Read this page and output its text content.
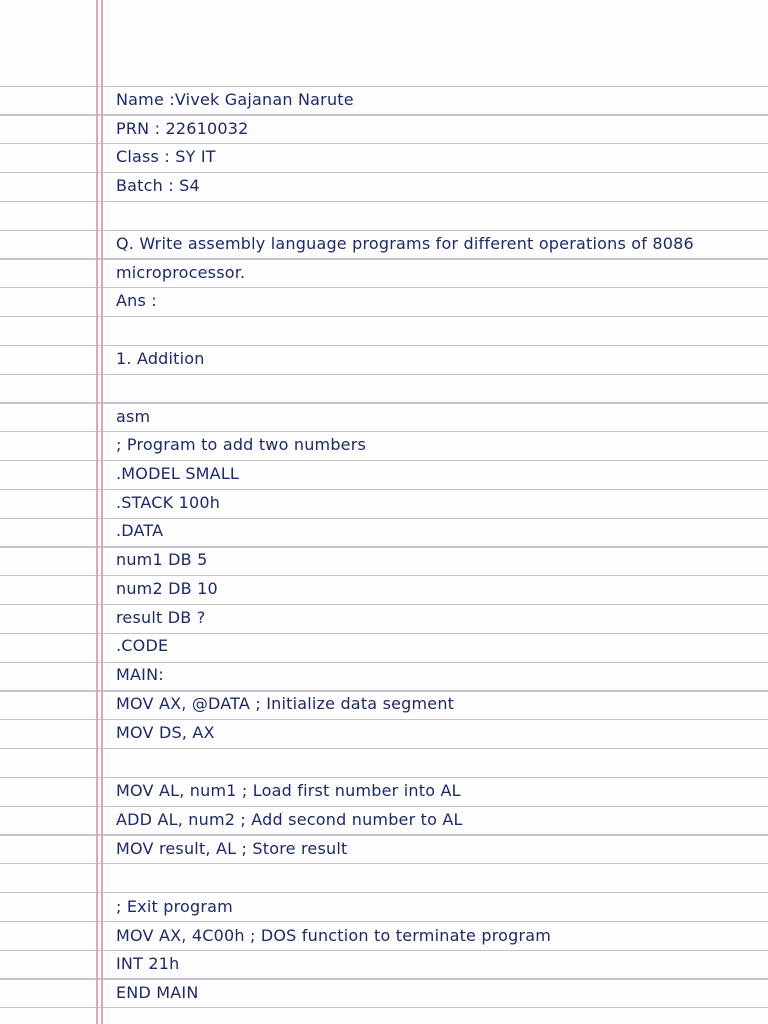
Name :Vivek Gajanan Narute
PRN : 22610032
Class : SY IT
Batch : S4
Q. Write assembly language programs for different operations of 8086
microprocessor.
Ans :
1. Addition
asm
; Program to add two numbers
.MODEL SMALL
.STACK 100h
.DATA
num1 DB 5
num2 DB 10
result DB ?
.CODE
MAIN:
MOV AX, @DATA ; Initialize data segment
MOV DS, AX
MOV AL, num1 ; Load first number into AL
ADD AL, num2 ; Add second number to AL
MOV result, AL ; Store result
; Exit program
MOV AX, 4C00h ; DOS function to terminate program
INT 21h
END MAIN
